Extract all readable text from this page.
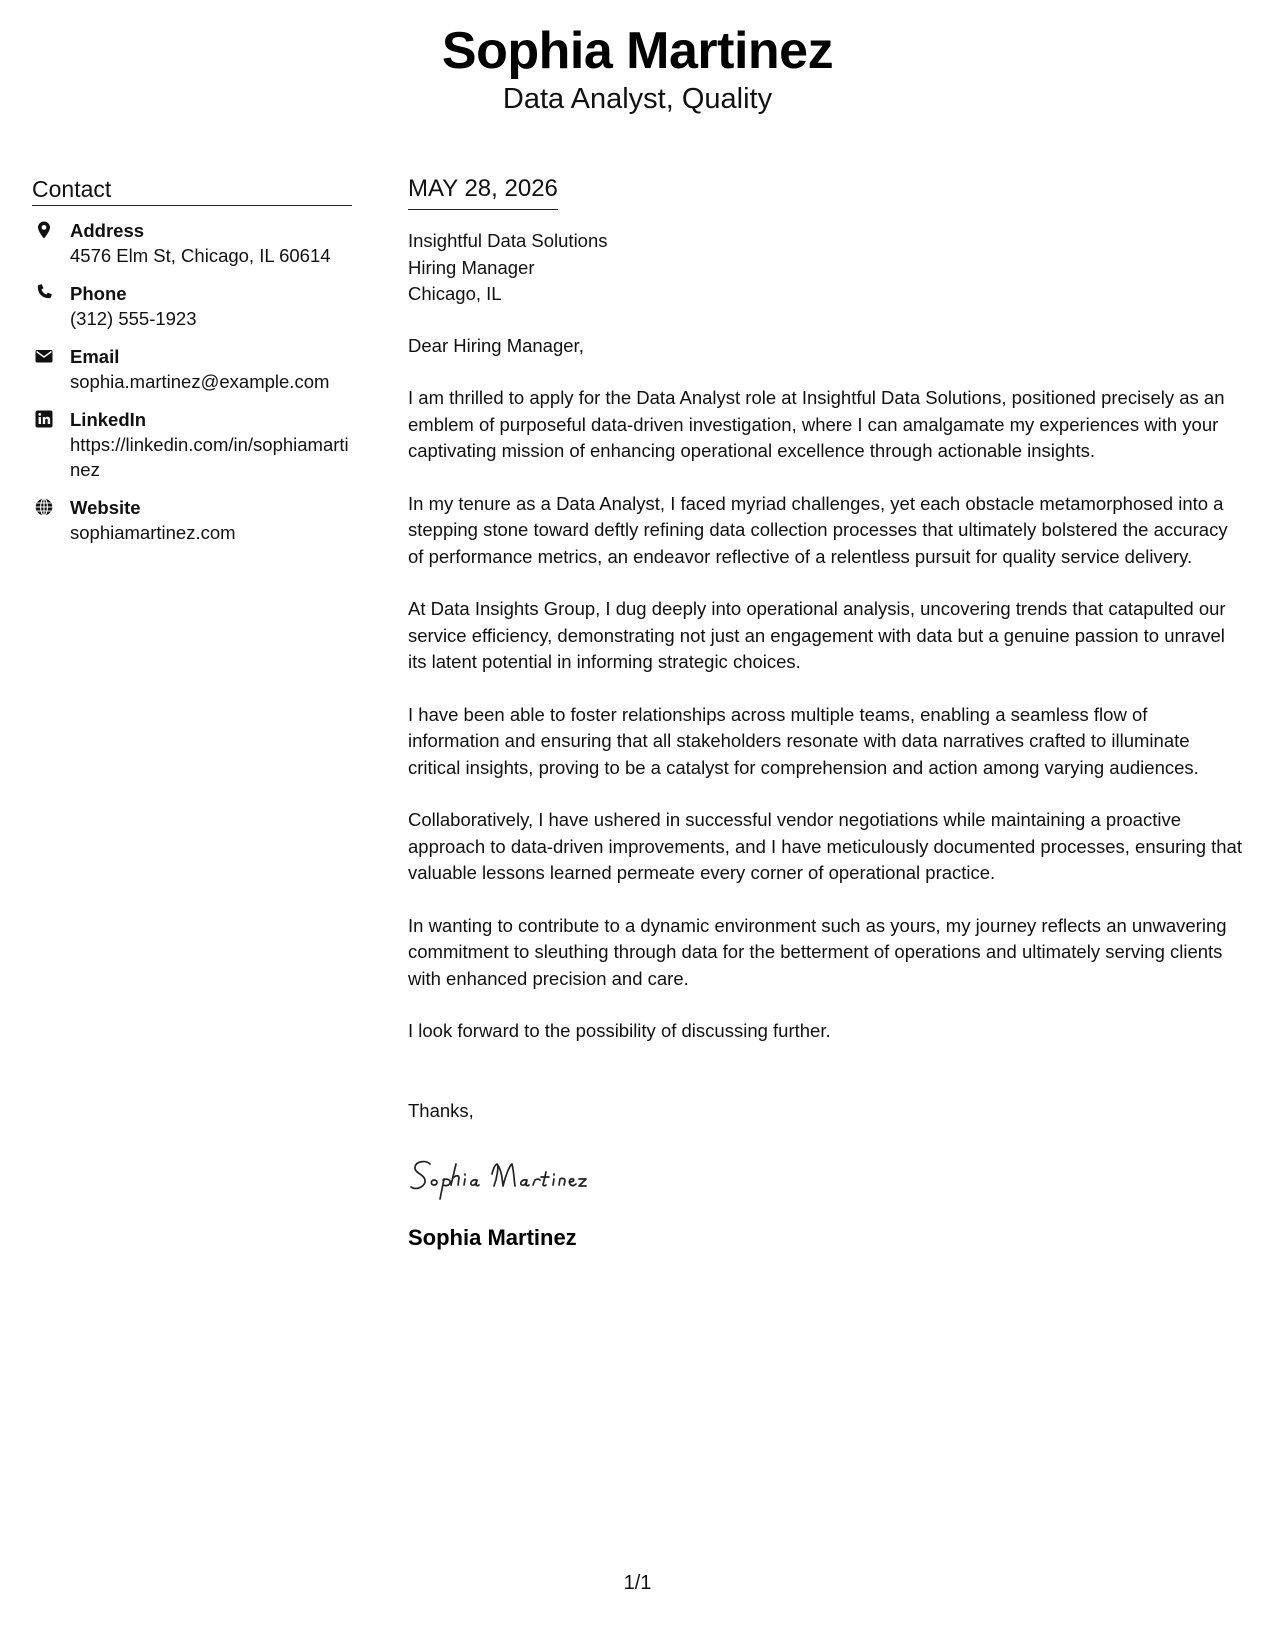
Sophia Martinez
Data Analyst, Quality
Contact
Address
4576 Elm St, Chicago, IL 60614
Phone
(312) 555-1923
Email
sophia.martinez@example.com
LinkedIn
https://linkedin.com/in/sophiamartinez
Website
sophiamartinez.com
MAY 28, 2026
Insightful Data Solutions
Hiring Manager
Chicago, IL
Dear Hiring Manager,
I am thrilled to apply for the Data Analyst role at Insightful Data Solutions, positioned precisely as an emblem of purposeful data-driven investigation, where I can amalgamate my experiences with your captivating mission of enhancing operational excellence through actionable insights.
In my tenure as a Data Analyst, I faced myriad challenges, yet each obstacle metamorphosed into a stepping stone toward deftly refining data collection processes that ultimately bolstered the accuracy of performance metrics, an endeavor reflective of a relentless pursuit for quality service delivery.
At Data Insights Group, I dug deeply into operational analysis, uncovering trends that catapulted our service efficiency, demonstrating not just an engagement with data but a genuine passion to unravel its latent potential in informing strategic choices.
I have been able to foster relationships across multiple teams, enabling a seamless flow of information and ensuring that all stakeholders resonate with data narratives crafted to illuminate critical insights, proving to be a catalyst for comprehension and action among varying audiences.
Collaboratively, I have ushered in successful vendor negotiations while maintaining a proactive approach to data-driven improvements, and I have meticulously documented processes, ensuring that valuable lessons learned permeate every corner of operational practice.
In wanting to contribute to a dynamic environment such as yours, my journey reflects an unwavering commitment to sleuthing through data for the betterment of operations and ultimately serving clients with enhanced precision and care.
I look forward to the possibility of discussing further.
Thanks,
Sophia Martinez
1/1
